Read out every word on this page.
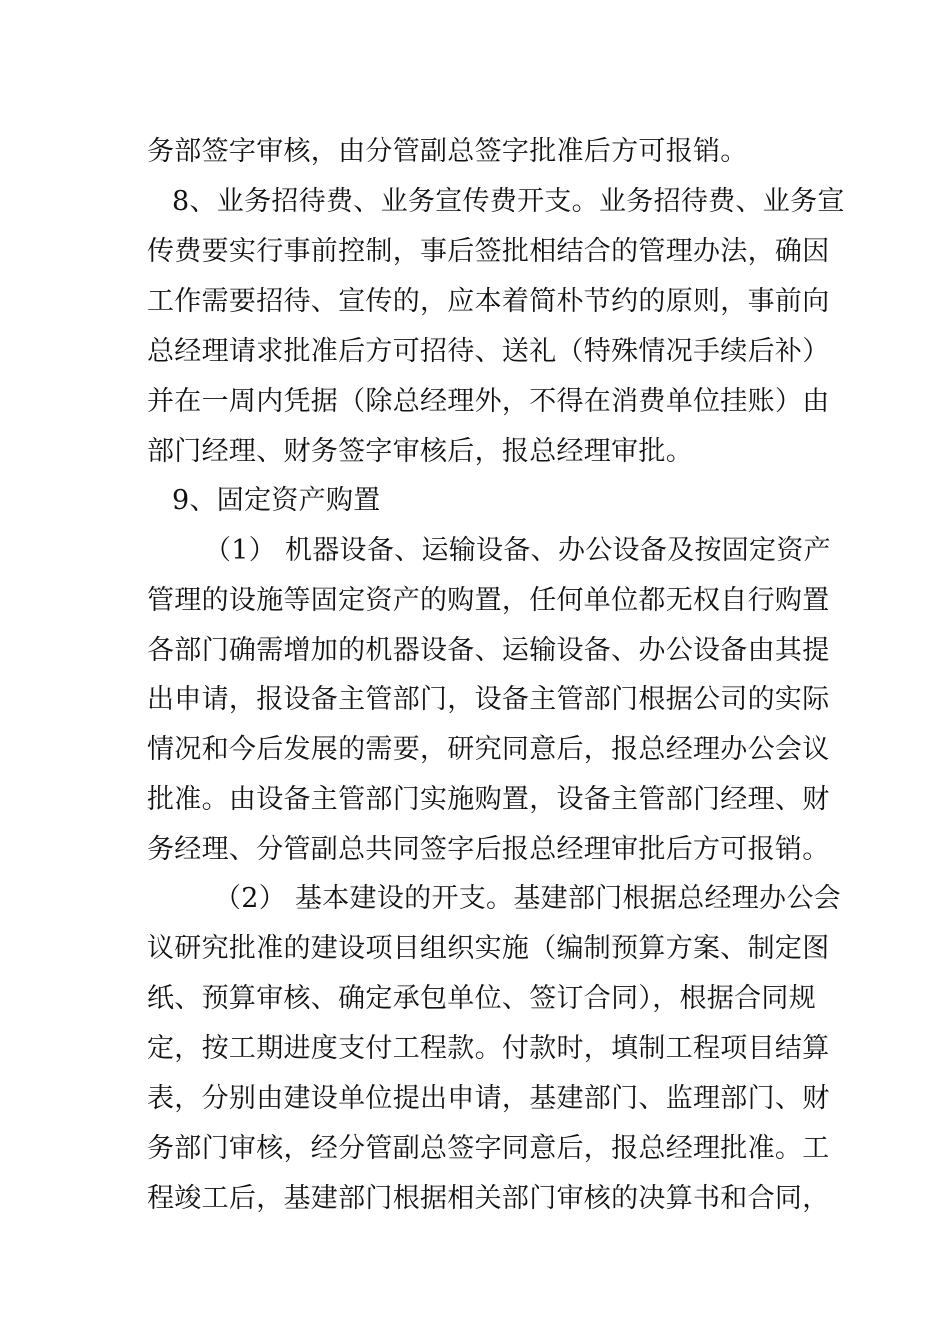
务部签字审核，由分管副总签字批准后方可报销。
8、业务招待费、业务宣传费开支。业务招待费、业务宣
传费要实行事前控制，事后签批相结合的管理办法，确因
工作需要招待、宣传的，应本着简朴节约的原则，事前向
总经理请求批准后方可招待、送礼（特殊情况手续后补）
并在一周内凭据（除总经理外，不得在消费单位挂账）由
部门经理、财务签字审核后，报总经理审批。
9、固定资产购置
（1） 机器设备、运输设备、办公设备及按固定资产
管理的设施等固定资产的购置，任何单位都无权自行购置
各部门确需增加的机器设备、运输设备、办公设备由其提
出申请，报设备主管部门，设备主管部门根据公司的实际
情况和今后发展的需要，研究同意后，报总经理办公会议
批准。由设备主管部门实施购置，设备主管部门经理、财
务经理、分管副总共同签字后报总经理审批后方可报销。
（2） 基本建设的开支。基建部门根据总经理办公会
议研究批准的建设项目组织实施（编制预算方案、制定图
纸、预算审核、确定承包单位、签订合同），根据合同规
定，按工期进度支付工程款。付款时，填制工程项目结算
表，分别由建设单位提出申请，基建部门、监理部门、财
务部门审核，经分管副总签字同意后，报总经理批准。工
程竣工后，基建部门根据相关部门审核的决算书和合同，
